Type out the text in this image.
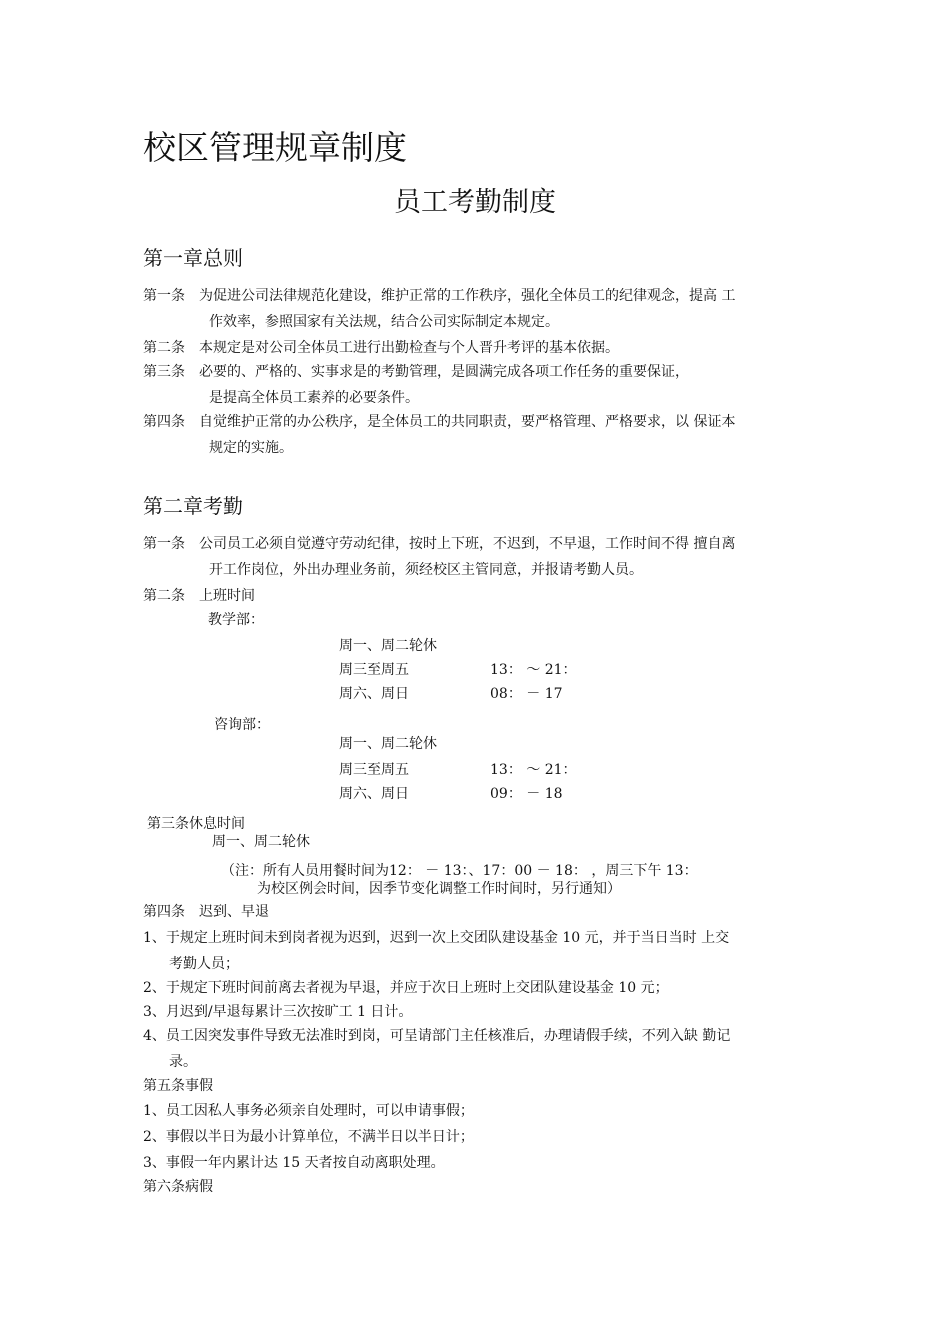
校区管理规章制度
员工考勤制度
第一章总则
第一条 为促进公司法律规范化建设，维护正常的工作秩序，强化全体员工的纪律观念，提高 工
作效率，参照国家有关法规，结合公司实际制定本规定。
第二条 本规定是对公司全体员工进行出勤检查与个人晋升考评的基本依据。
第三条 必要的、严格的、实事求是的考勤管理，是圆满完成各项工作任务的重要保证，
是提高全体员工素养的必要条件。
第四条 自觉维护正常的办公秩序，是全体员工的共同职责，要严格管理、严格要求，以 保证本
规定的实施。
第二章考勤
第一条 公司员工必须自觉遵守劳动纪律，按时上下班，不迟到，不早退，工作时间不得 擅自离
开工作岗位，外出办理业务前，须经校区主管同意，并报请考勤人员。
第二条 上班时间
教学部：
周一、周二轮休
周三至周五	13： ～ 21：
周六、周日	08： － 17
咨询部：
周一、周二轮休
周三至周五	13： ～ 21：
周六、周日	09： － 18
第三条休息时间
周一、周二轮休
（注：所有人员用餐时间为12： － 13：、17：00 － 18： ，周三下午 13：
为校区例会时间，因季节变化调整工作时间时，另行通知）
第四条 迟到、早退
1、于规定上班时间未到岗者视为迟到，迟到一次上交团队建设基金 10 元，并于当日当时 上交
考勤人员；
2、于规定下班时间前离去者视为早退，并应于次日上班时上交团队建设基金 10 元；
3、月迟到/早退每累计三次按旷工 1 日计。
4、员工因突发事件导致无法准时到岗，可呈请部门主任核准后，办理请假手续，不列入缺 勤记
录。
第五条事假
1、员工因私人事务必须亲自处理时，可以申请事假；
2、事假以半日为最小计算单位，不满半日以半日计；
3、事假一年内累计达 15 天者按自动离职处理。
第六条病假
